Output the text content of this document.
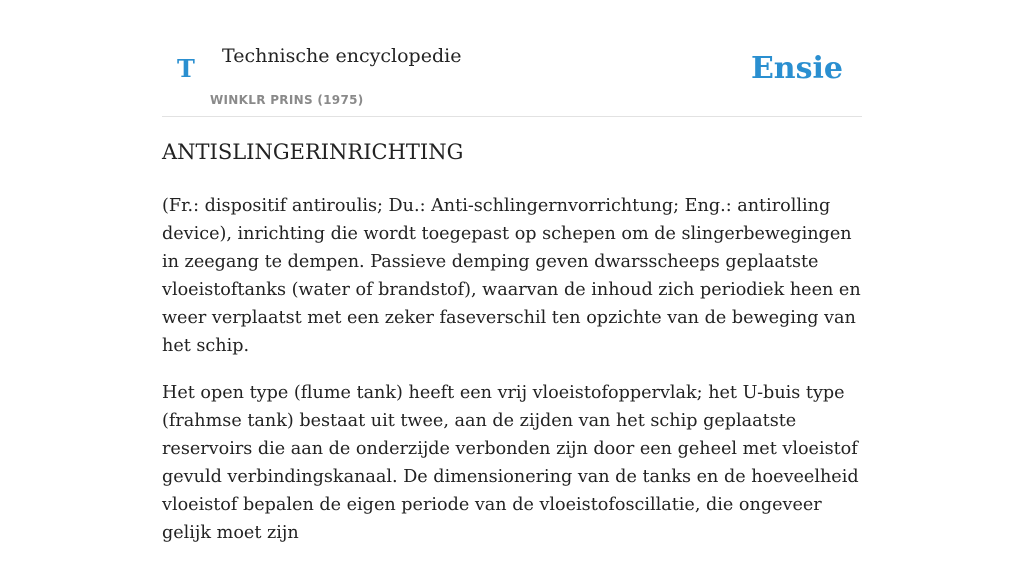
T Technische encyclopedie
WINKLR PRINS (1975)
Ensie
ANTISLINGERINRICHTING

(Fr.: dispositif antiroulis; Du.: Anti-schlingernvorrichtung; Eng.: antirolling device), inrichting die wordt toegepast op schepen om de slingerbewegingen in zeegang te dempen. Passieve demping geven dwarsscheeps geplaatste vloeistoftanks (water of brandstof), waarvan de inhoud zich periodiek heen en weer verplaatst met een zeker faseverschil ten opzichte van de beweging van het schip.

Het open type (flume tank) heeft een vrij vloeistofoppervlak; het U-buis type (frahmse tank) bestaat uit twee, aan de zijden van het schip geplaatste reservoirs die aan de onderzijde verbonden zijn door een geheel met vloeistof gevuld verbindingskanaal. De dimensionering van de tanks en de hoeveelheid vloeistof bepalen de eigen periode van de vloeistofoscillatie, die ongeveer gelijk moet zijn
